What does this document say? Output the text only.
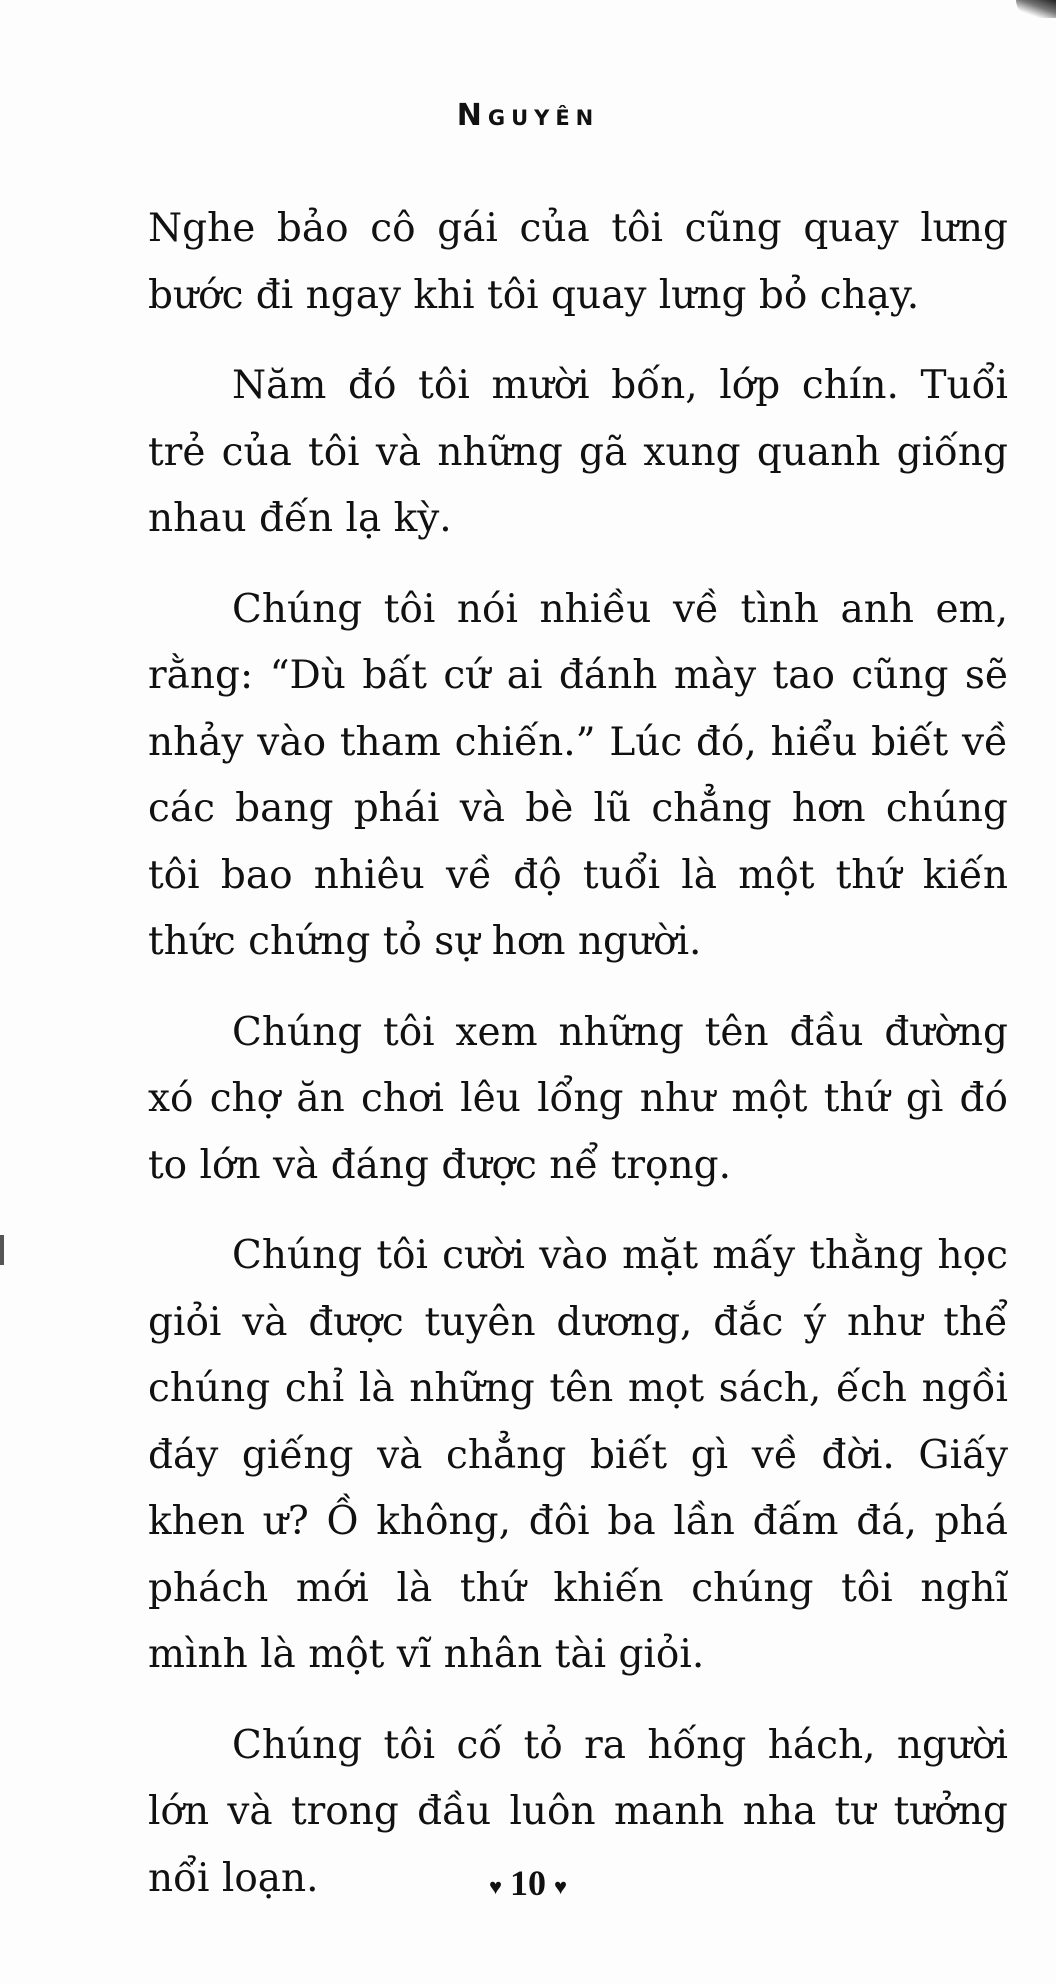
Nguyên

Nghe bảo cô gái của tôi cũng quay lưng bước đi ngay khi tôi quay lưng bỏ chạy.

Năm đó tôi mười bốn, lớp chín. Tuổi trẻ của tôi và những gã xung quanh giống nhau đến lạ kỳ.

Chúng tôi nói nhiều về tình anh em, rằng: “Dù bất cứ ai đánh mày tao cũng sẽ nhảy vào tham chiến.” Lúc đó, hiểu biết về các bang phái và bè lũ chẳng hơn chúng tôi bao nhiêu về độ tuổi là một thứ kiến thức chứng tỏ sự hơn người.

Chúng tôi xem những tên đầu đường xó chợ ăn chơi lêu lổng như một thứ gì đó to lớn và đáng được nể trọng.

Chúng tôi cười vào mặt mấy thằng học giỏi và được tuyên dương, đắc ý như thể chúng chỉ là những tên mọt sách, ếch ngồi đáy giếng và chẳng biết gì về đời. Giấy khen ư? Ồ không, đôi ba lần đấm đá, phá phách mới là thứ khiến chúng tôi nghĩ mình là một vĩ nhân tài giỏi.

Chúng tôi cố tỏ ra hống hách, người lớn và trong đầu luôn manh nha tư tưởng nổi loạn.	♥ 10 ♥
